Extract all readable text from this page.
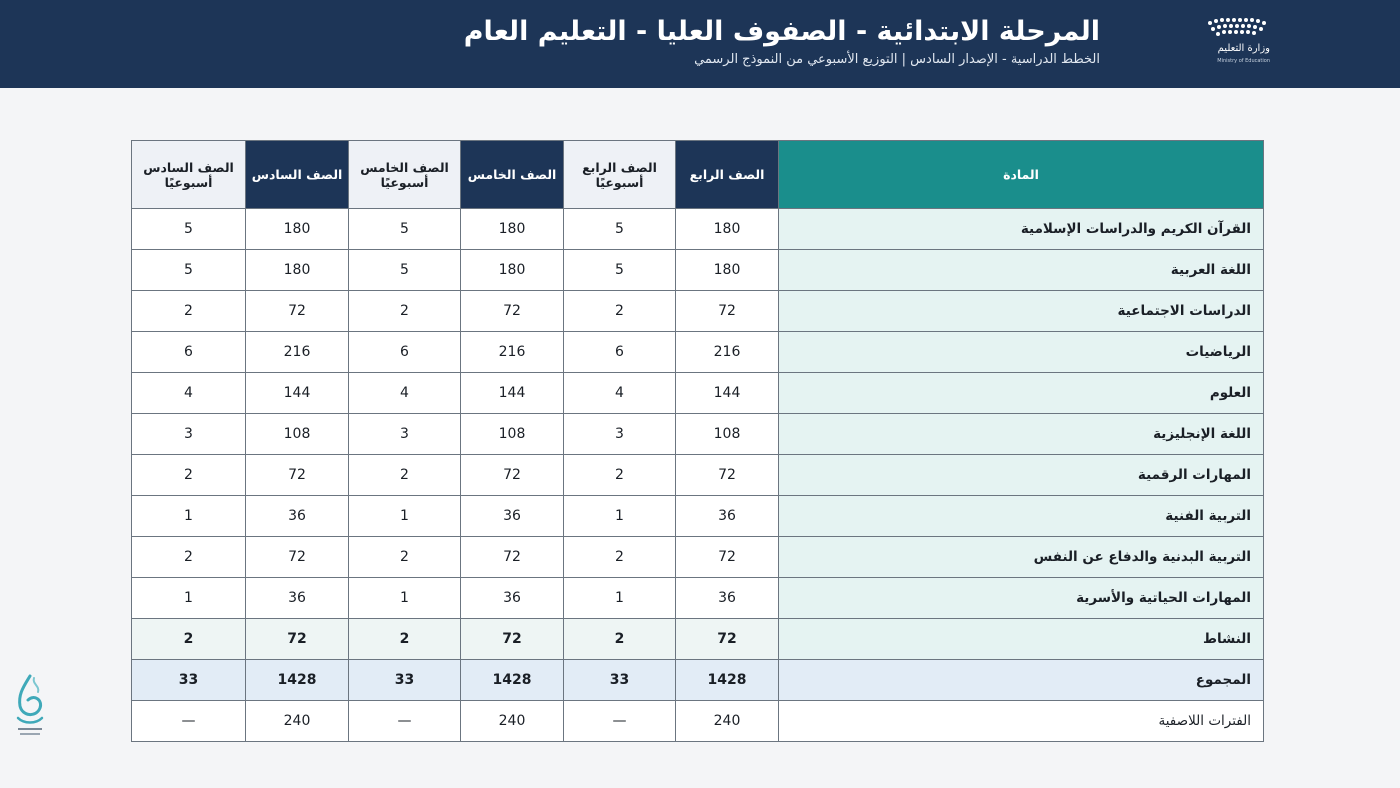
المرحلة الابتدائية - الصفوف العليا - التعليم العام
الخطط الدراسية - الإصدار السادس | التوزيع الأسبوعي من النموذج الرسمي
وزارة التعليم
Ministry of Education
المادة	الصف الرابع	الصف الرابع أسبوعيًا	الصف الخامس	الصف الخامس أسبوعيًا	الصف السادس	الصف السادس أسبوعيًا
القرآن الكريم والدراسات الإسلامية	180	5	180	5	180	5
اللغة العربية	180	5	180	5	180	5
الدراسات الاجتماعية	72	2	72	2	72	2
الرياضيات	216	6	216	6	216	6
العلوم	144	4	144	4	144	4
اللغة الإنجليزية	108	3	108	3	108	3
المهارات الرقمية	72	2	72	2	72	2
التربية الفنية	36	1	36	1	36	1
التربية البدنية والدفاع عن النفس	72	2	72	2	72	2
المهارات الحياتية والأسرية	36	1	36	1	36	1
النشاط	72	2	72	2	72	2
المجموع	1428	33	1428	33	1428	33
الفترات اللاصفية	240	—	240	—	240	—
